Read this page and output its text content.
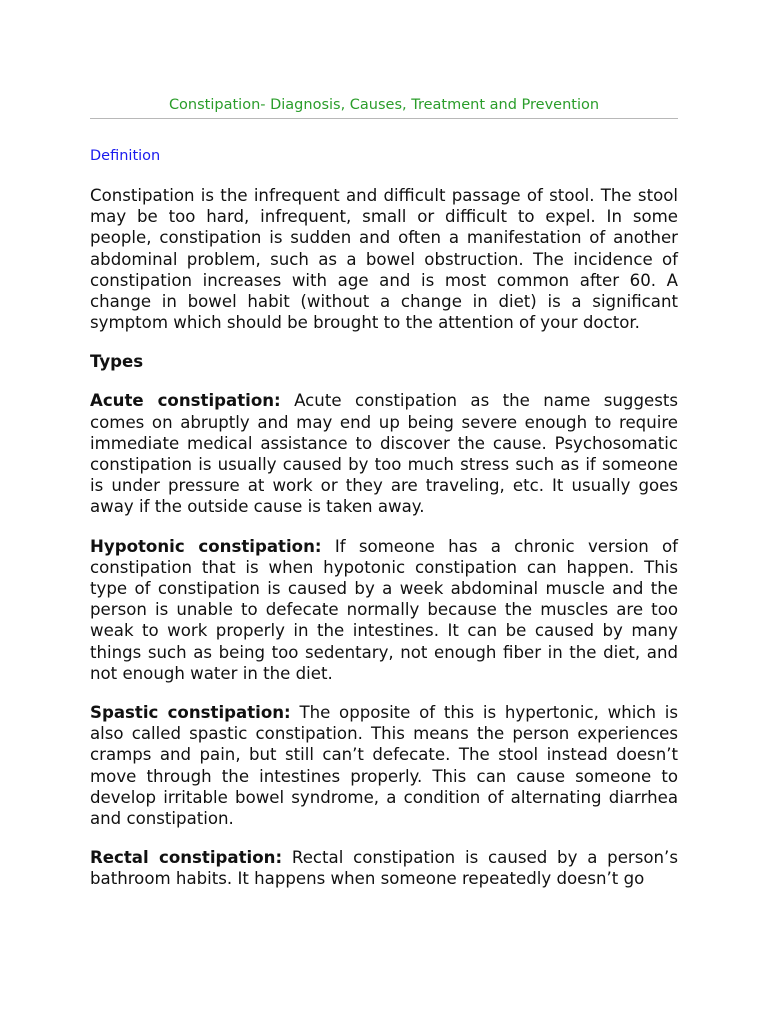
Constipation- Diagnosis, Causes, Treatment and Prevention
Definition

Constipation is the infrequent and difficult passage of stool. The stool may be too hard, infrequent, small or difficult to expel. In some people, constipation is sudden and often a manifestation of another abdominal problem, such as a bowel obstruction. The incidence of constipation increases with age and is most common after 60. A change in bowel habit (without a change in diet) is a significant symptom which should be brought to the attention of your doctor.

Types

Acute constipation: Acute constipation as the name suggests comes on abruptly and may end up being severe enough to require immediate medical assistance to discover the cause. Psychosomatic constipation is usually caused by too much stress such as if someone is under pressure at work or they are traveling, etc. It usually goes away if the outside cause is taken away.

Hypotonic constipation: If someone has a chronic version of constipation that is when hypotonic constipation can happen. This type of constipation is caused by a week abdominal muscle and the person is unable to defecate normally because the muscles are too weak to work properly in the intestines. It can be caused by many things such as being too sedentary, not enough fiber in the diet, and not enough water in the diet.

Spastic constipation: The opposite of this is hypertonic, which is also called spastic constipation. This means the person experiences cramps and pain, but still can’t defecate. The stool instead doesn’t move through the intestines properly. This can cause someone to develop irritable bowel syndrome, a condition of alternating diarrhea and constipation.

Rectal constipation: Rectal constipation is caused by a person’s bathroom habits. It happens when someone repeatedly doesn’t go
